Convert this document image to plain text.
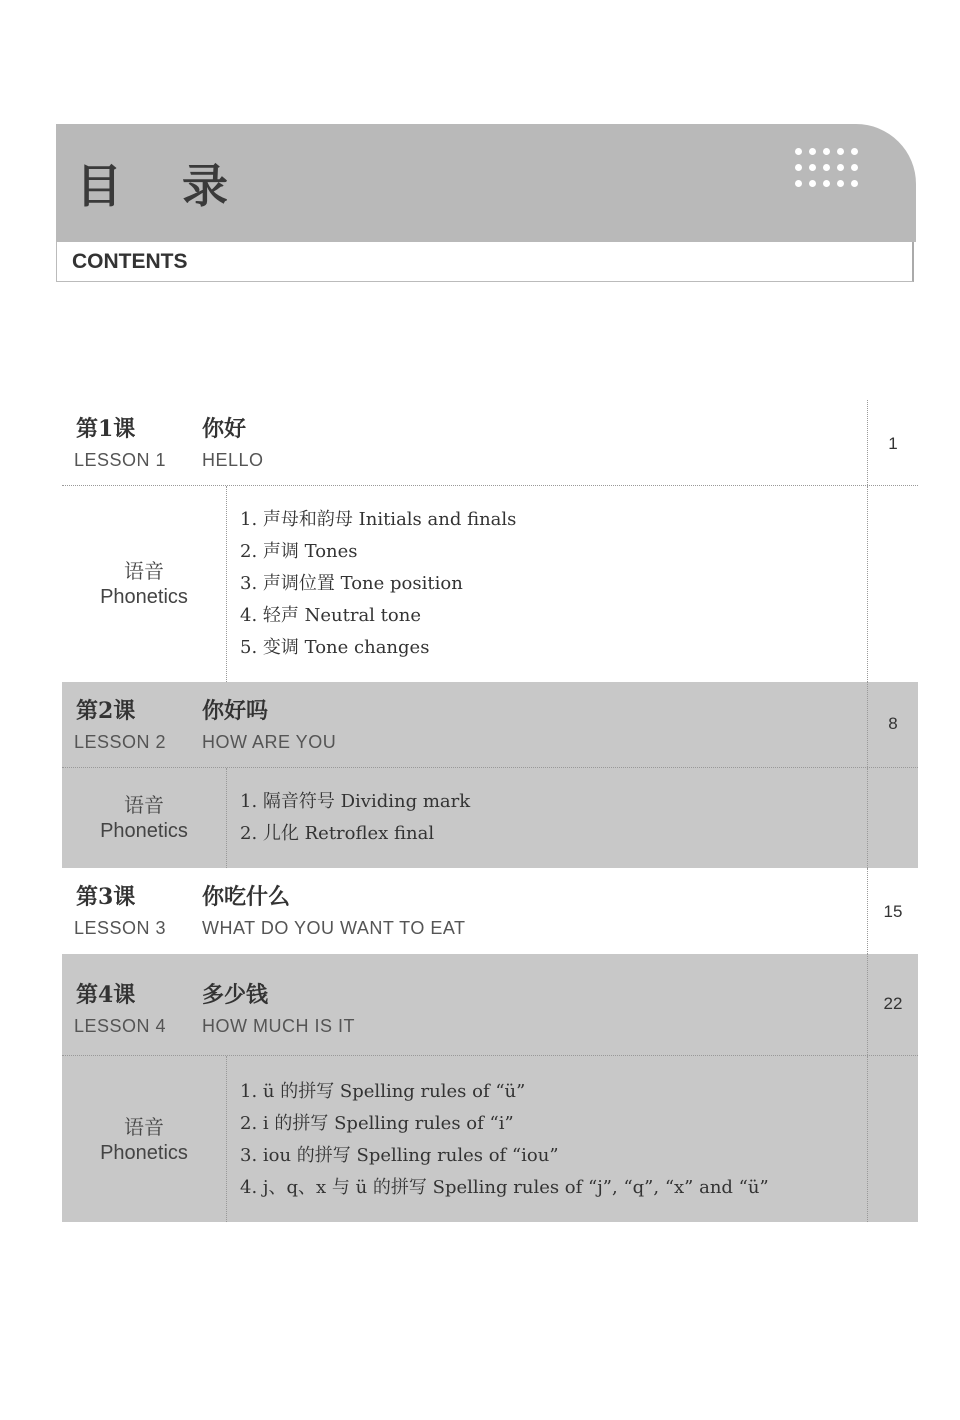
目 录
CONTENTS
第1课	你好
LESSON 1 HELLO
1
语音
Phonetics
1. 声母和韵母 Initials and finals
2. 声调 Tones
3. 声调位置 Tone position
4. 轻声 Neutral tone
5. 变调 Tone changes
第2课	你好吗
LESSON 2 HOW ARE YOU
8
语音
Phonetics
1. 隔音符号 Dividing mark
2. 儿化 Retroflex final
第3课	你吃什么
LESSON 3 WHAT DO YOU WANT TO EAT
15
第4课	多少钱
LESSON 4 HOW MUCH IS IT
22
语音
Phonetics
1. ü 的拼写 Spelling rules of “ü”
2. i 的拼写 Spelling rules of “i”
3. iou 的拼写 Spelling rules of “iou”
4. j、q、x 与 ü 的拼写 Spelling rules of “j”, “q”, “x” and “ü”
